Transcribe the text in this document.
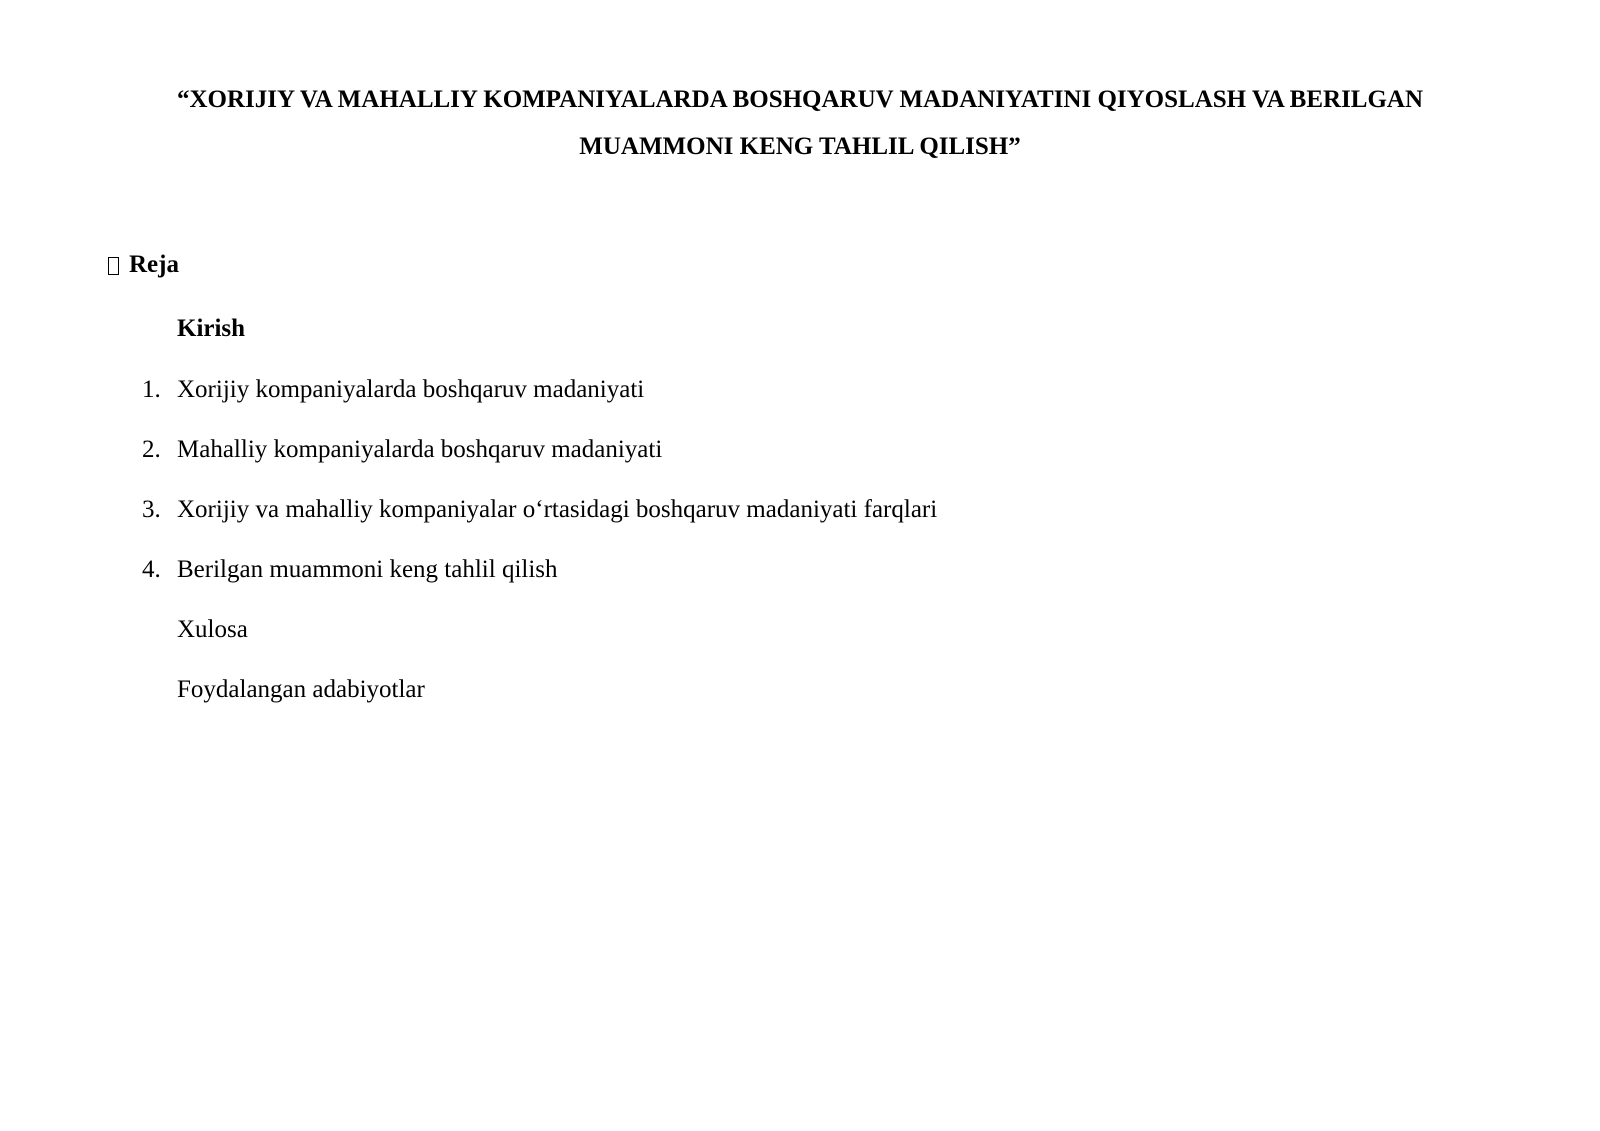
“XORIJIY VA MAHALLIY KOMPANIYALARDA BOSHQARUV MADANIYATINI QIYOSLASH VA BERILGAN
MUAMMONI KENG TAHLIL QILISH”
Reja
Kirish
1. Xorijiy kompaniyalarda boshqaruv madaniyati
2. Mahalliy kompaniyalarda boshqaruv madaniyati
3. Xorijiy va mahalliy kompaniyalar o‘rtasidagi boshqaruv madaniyati farqlari
4. Berilgan muammoni keng tahlil qilish
Xulosa
Foydalangan adabiyotlar
